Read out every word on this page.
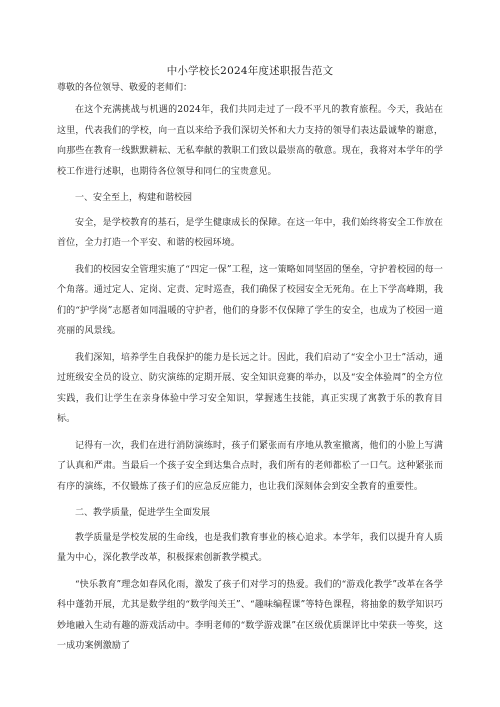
中小学校长2024年度述职报告范文
尊敬的各位领导、敬爱的老师们：

在这个充满挑战与机遇的2024年，我们共同走过了一段不平凡的教育旅程。今天，我站在这里，代表我们的学校，向一直以来给予我们深切关怀和大力支持的领导们表达最诚挚的谢意，向那些在教育一线默默耕耘、无私奉献的教职工们致以最崇高的敬意。现在，我将对本学年的学校工作进行述职，也期待各位领导和同仁的宝贵意见。

一、安全至上，构建和谐校园

安全，是学校教育的基石，是学生健康成长的保障。在这一年中，我们始终将安全工作放在首位，全力打造一个平安、和谐的校园环境。

我们的校园安全管理实施了“四定一保”工程，这一策略如同坚固的堡垒，守护着校园的每一个角落。通过定人、定岗、定责、定时巡查，我们确保了校园安全无死角。在上下学高峰期，我们的“护学岗”志愿者如同温暖的守护者，他们的身影不仅保障了学生的安全，也成为了校园一道亮丽的风景线。

我们深知，培养学生自我保护的能力是长远之计。因此，我们启动了“安全小卫士”活动，通过班级安全员的设立、防灾演练的定期开展、安全知识竞赛的举办，以及“安全体验周”的全方位实践，我们让学生在亲身体验中学习安全知识，掌握逃生技能，真正实现了寓教于乐的教育目标。

记得有一次，我们在进行消防演练时，孩子们紧张而有序地从教室撤离，他们的小脸上写满了认真和严肃。当最后一个孩子安全到达集合点时，我们所有的老师都松了一口气。这种紧张而有序的演练，不仅锻炼了孩子们的应急反应能力，也让我们深刻体会到安全教育的重要性。

二、教学质量，促进学生全面发展

教学质量是学校发展的生命线，也是我们教育事业的核心追求。本学年，我们以提升育人质量为中心，深化教学改革，积极探索创新教学模式。

“快乐教育”理念如春风化雨，激发了孩子们对学习的热爱。我们的“游戏化教学”改革在各学科中蓬勃开展，尤其是数学组的“数学闯关王”、“趣味编程课”等特色课程，将抽象的数学知识巧妙地融入生动有趣的游戏活动中。李明老师的“数学游戏课”在区级优质课评比中荣获一等奖，这一成功案例激励了
